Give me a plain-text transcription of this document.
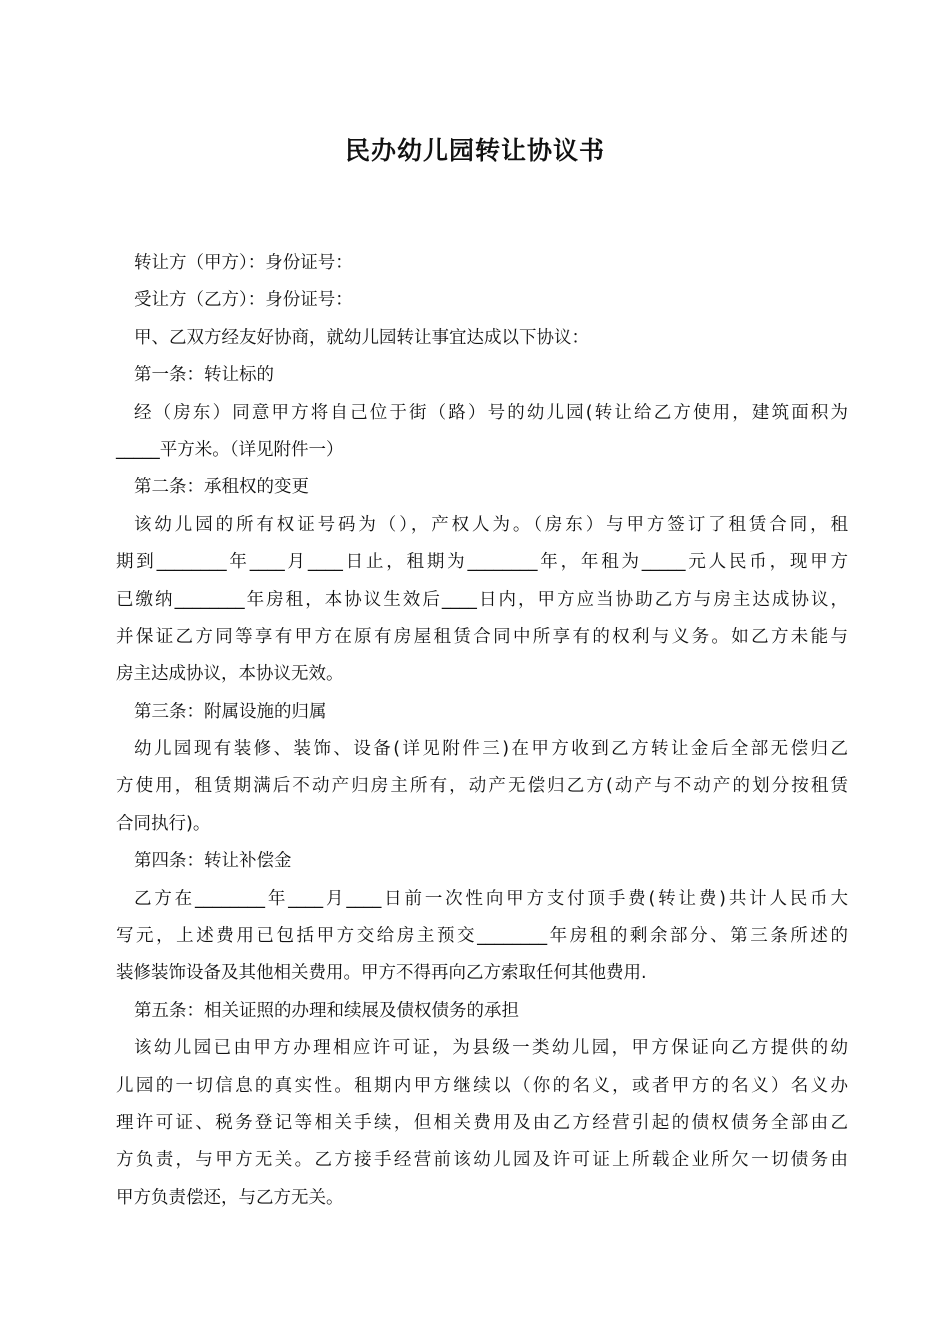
民办幼儿园转让协议书
转让方（甲方）：身份证号：
受让方（乙方）：身份证号：
甲、乙双方经友好协商，就幼儿园转让事宜达成以下协议：
第一条：转让标的
经（房东）同意甲方将自己位于街（路）号的幼儿园(转让给乙方使用，建筑面积为
_____平方米。（详见附件一）
第二条：承租权的变更
该幼儿园的所有权证号码为（），产权人为。（房东）与甲方签订了租赁合同，租
期到________年____月____日止，租期为________年，年租为_____元人民币，现甲方
已缴纳________年房租，本协议生效后____日内，甲方应当协助乙方与房主达成协议，
并保证乙方同等享有甲方在原有房屋租赁合同中所享有的权利与义务。如乙方未能与
房主达成协议，本协议无效。
第三条：附属设施的归属
幼儿园现有装修、装饰、设备(详见附件三)在甲方收到乙方转让金后全部无偿归乙
方使用，租赁期满后不动产归房主所有，动产无偿归乙方(动产与不动产的划分按租赁
合同执行)。
第四条：转让补偿金
乙方在________年____月____日前一次性向甲方支付顶手费(转让费)共计人民币大
写元，上述费用已包括甲方交给房主预交________年房租的剩余部分、第三条所述的
装修装饰设备及其他相关费用。甲方不得再向乙方索取任何其他费用.
第五条：相关证照的办理和续展及债权债务的承担
该幼儿园已由甲方办理相应许可证，为县级一类幼儿园，甲方保证向乙方提供的幼
儿园的一切信息的真实性。租期内甲方继续以（你的名义，或者甲方的名义）名义办
理许可证、税务登记等相关手续，但相关费用及由乙方经营引起的债权债务全部由乙
方负责，与甲方无关。乙方接手经营前该幼儿园及许可证上所载企业所欠一切债务由
甲方负责偿还，与乙方无关。
